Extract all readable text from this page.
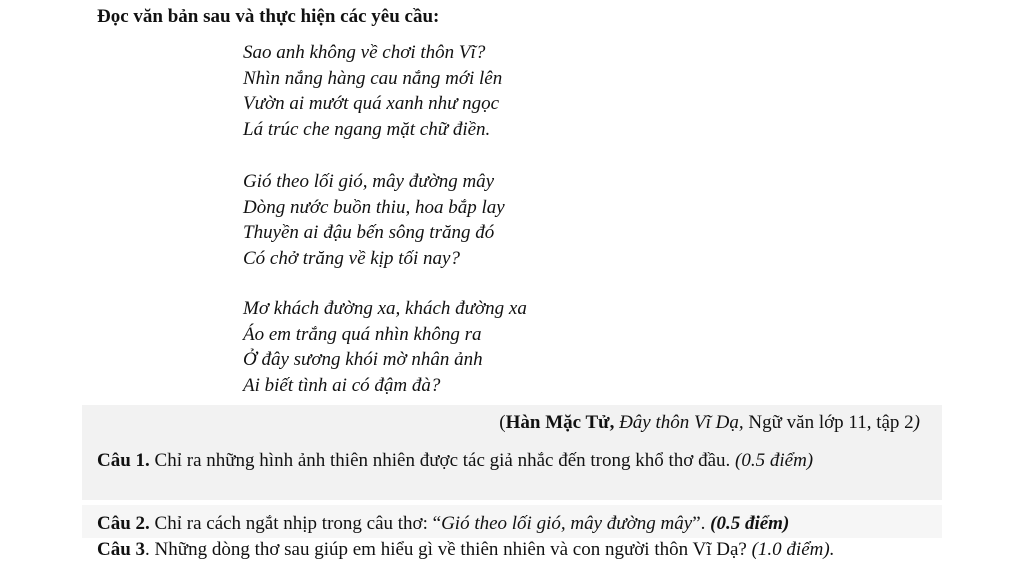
Đọc văn bản sau và thực hiện các yêu cầu:
Sao anh không về chơi thôn Vĩ?
Nhìn nắng hàng cau nắng mới lên
Vườn ai mướt quá xanh như ngọc
Lá trúc che ngang mặt chữ điền.
Gió theo lối gió, mây đường mây
Dòng nước buồn thiu, hoa bắp lay
Thuyền ai đậu bến sông trăng đó
Có chở trăng về kịp tối nay?
Mơ khách đường xa, khách đường xa
Áo em trắng quá nhìn không ra
Ở đây sương khói mờ nhân ảnh
Ai biết tình ai có đậm đà?
(Hàn Mặc Tử, Đây thôn Vĩ Dạ, Ngữ văn lớp 11, tập 2)
Câu 1. Chỉ ra những hình ảnh thiên nhiên được tác giả nhắc đến trong khổ thơ đầu. (0.5 điểm)
Câu 2. Chỉ ra cách ngắt nhịp trong câu thơ: “Gió theo lối gió, mây đường mây”. (0.5 điểm)
Câu 3. Những dòng thơ sau giúp em hiểu gì về thiên nhiên và con người thôn Vĩ Dạ? (1.0 điểm).
